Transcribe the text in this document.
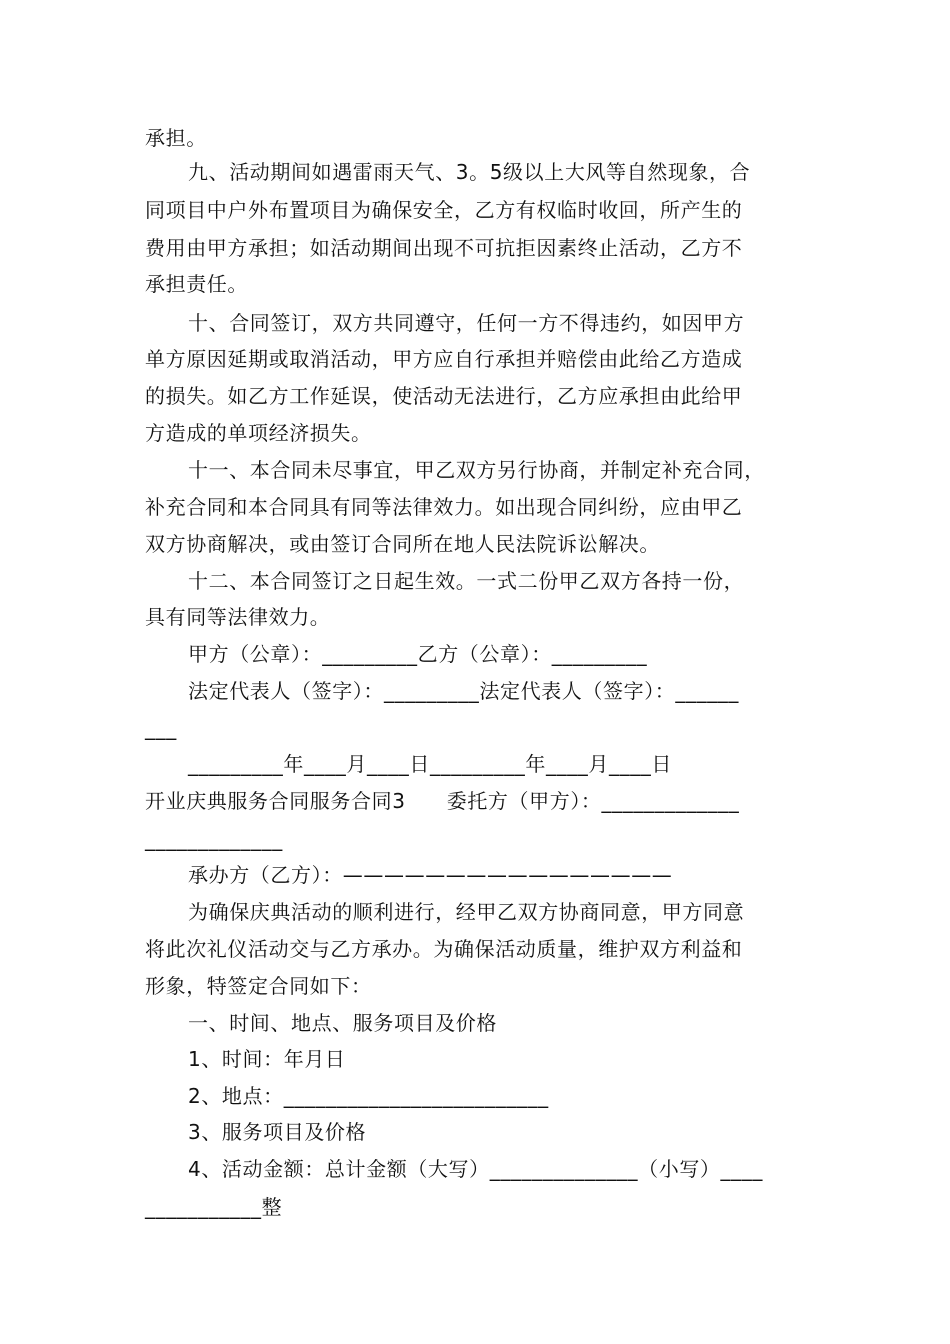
承担。
九、活动期间如遇雷雨天气、3。5级以上大风等自然现象，合
同项目中户外布置项目为确保安全，乙方有权临时收回，所产生的
费用由甲方承担；如活动期间出现不可抗拒因素终止活动，乙方不
承担责任。
十、合同签订，双方共同遵守，任何一方不得违约，如因甲方
单方原因延期或取消活动，甲方应自行承担并赔偿由此给乙方造成
的损失。如乙方工作延误，使活动无法进行，乙方应承担由此给甲
方造成的单项经济损失。
十一、本合同未尽事宜，甲乙双方另行协商，并制定补充合同，
补充合同和本合同具有同等法律效力。如出现合同纠纷，应由甲乙
双方协商解决，或由签订合同所在地人民法院诉讼解决。
十二、本合同签订之日起生效。一式二份甲乙双方各持一份，
具有同等法律效力。
甲方（公章）：_________乙方（公章）：_________
法定代表人（签字）：_________法定代表人（签字）：______
___
_________年____月____日_________年____月____日
开业庆典服务合同服务合同3　　委托方（甲方）：_____________
_____________
承办方（乙方）：————————————————
为确保庆典活动的顺利进行，经甲乙双方协商同意，甲方同意
将此次礼仪活动交与乙方承办。为确保活动质量，维护双方利益和
形象，特签定合同如下：
一、时间、地点、服务项目及价格
1、时间：年月日
2、地点：_________________________
3、服务项目及价格
4、活动金额：总计金额（大写）______________（小写）____
___________整
